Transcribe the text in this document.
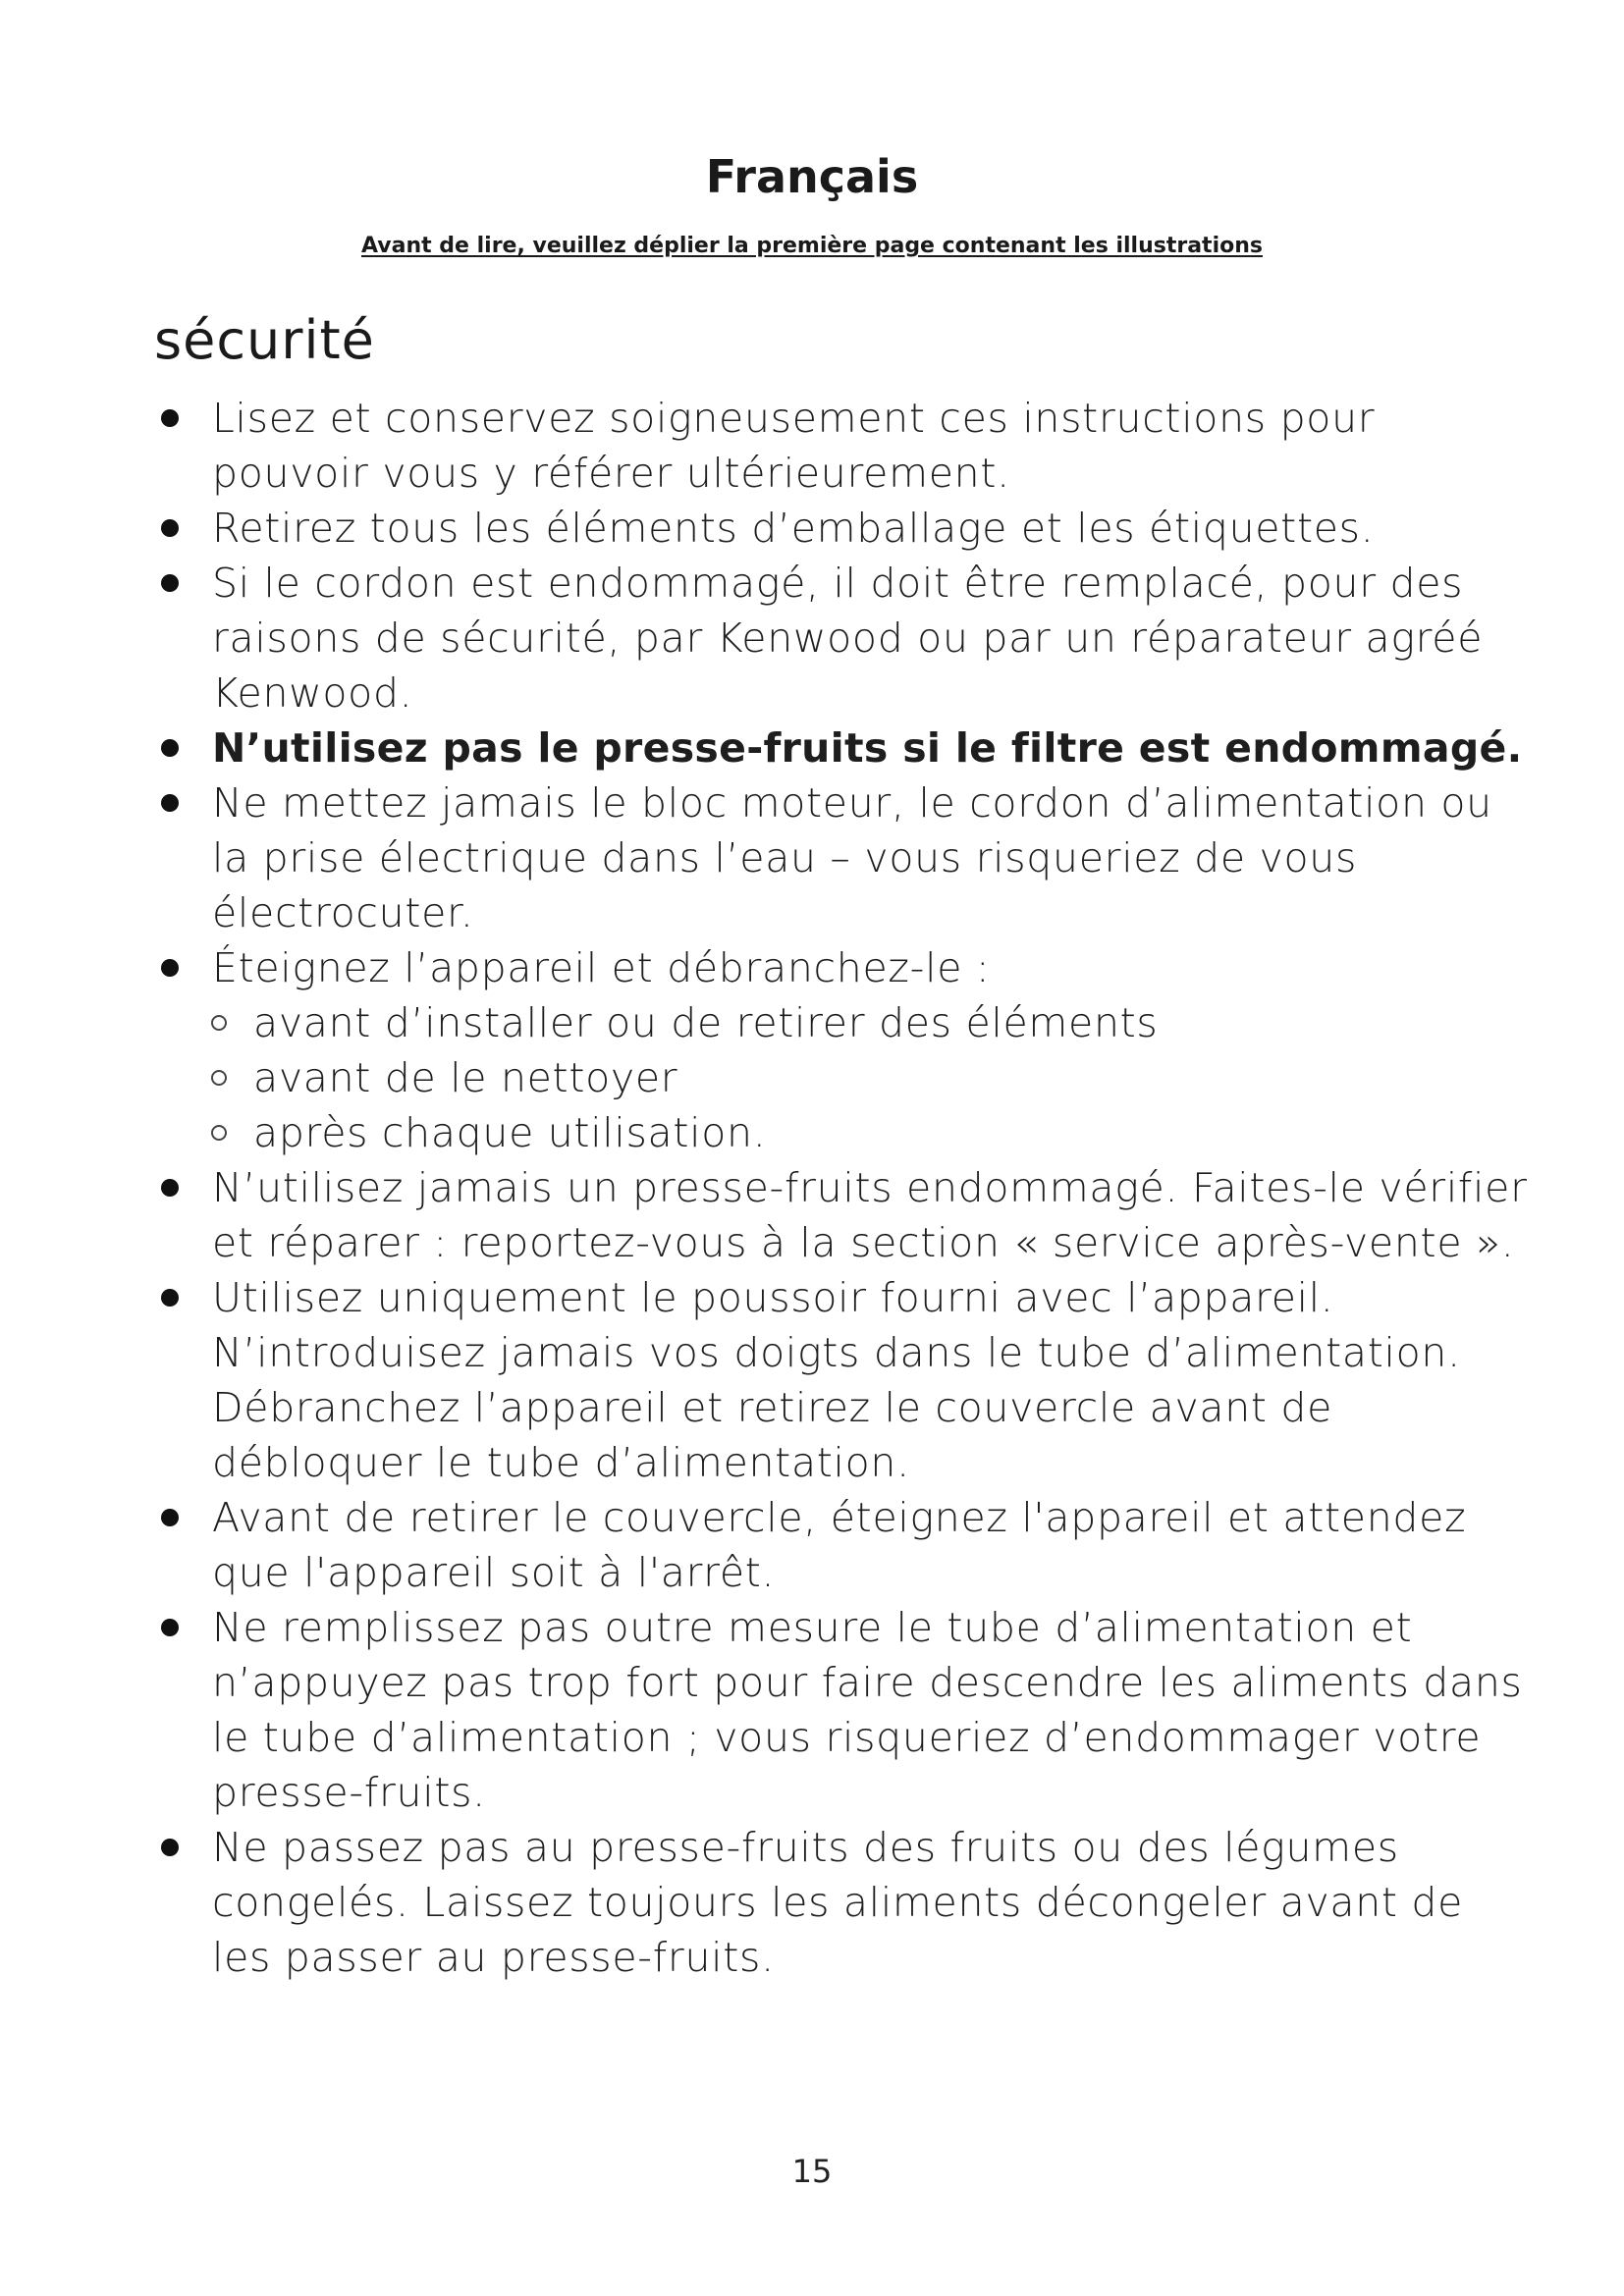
Français

Avant de lire, veuillez déplier la première page contenant les illustrations

sécurité
Lisez et conservez soigneusement ces instructions pour pouvoir vous y référer ultérieurement.
Retirez tous les éléments d’emballage et les étiquettes.
Si le cordon est endommagé, il doit être remplacé, pour des raisons de sécurité, par Kenwood ou par un réparateur agréé Kenwood.
N’utilisez pas le presse-fruits si le filtre est endommagé.
Ne mettez jamais le bloc moteur, le cordon d’alimentation ou la prise électrique dans l’eau – vous risqueriez de vous électrocuter.
Éteignez l’appareil et débranchez-le :
avant d’installer ou de retirer des éléments
avant de le nettoyer
après chaque utilisation.
N’utilisez jamais un presse-fruits endommagé. Faites-le vérifier et réparer : reportez-vous à la section « service après-vente ».
Utilisez uniquement le poussoir fourni avec l’appareil. N’introduisez jamais vos doigts dans le tube d’alimentation. Débranchez l’appareil et retirez le couvercle avant de débloquer le tube d’alimentation.
Avant de retirer le couvercle, éteignez l'appareil et attendez que l'appareil soit à l'arrêt.
Ne remplissez pas outre mesure le tube d’alimentation et n’appuyez pas trop fort pour faire descendre les aliments dans le tube d’alimentation ; vous risqueriez d’endommager votre presse-fruits.
Ne passez pas au presse-fruits des fruits ou des légumes congelés. Laissez toujours les aliments décongeler avant de les passer au presse-fruits.

15
